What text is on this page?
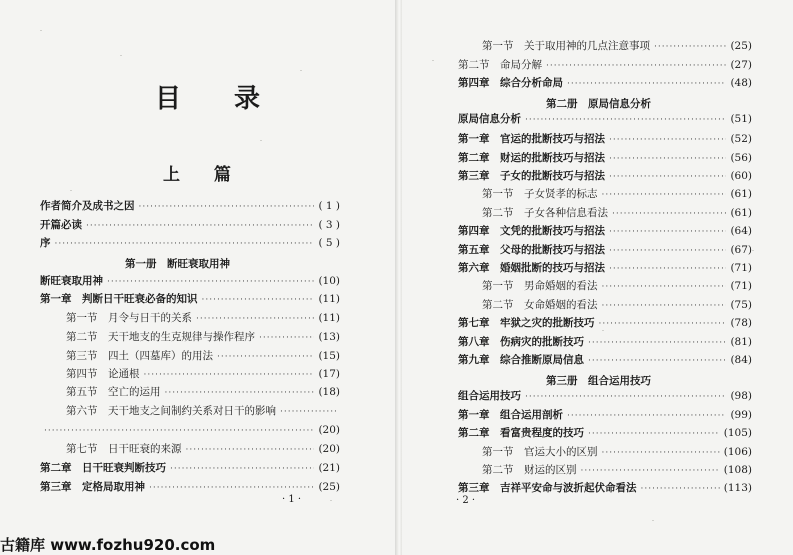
目 录
上 篇
作者简介及成书之因 ·····	( 1 )
开篇必读 ·····	( 3 )
序 ·····	( 5 )
第一册　断旺衰取用神
断旺衰取用神 ·····	(10)
第一章　判断日干旺衰必备的知识 ·····	(11)
第一节　月令与日干的关系 ·····	(11)
第二节　天干地支的生克规律与操作程序 ·····	(13)
第三节　四土（四墓库）的用法 ·····	(15)
第四节　论通根 ·····	(17)
第五节　空亡的运用 ·····	(18)
第六节　天干地支之间制约关系对日干的影响
·····
·····
(20)
第七节　日干旺衰的来源 ·····	(20)
第二章　日干旺衰判断技巧 ·····	(21)
第三章　定格局取用神 ·····	(25)
· 1 ·
第一节　关于取用神的几点注意事项 ·····	(25)
第二节　命局分解 ·····	(27)
第四章　综合分析命局 ·····	(48)
第二册　原局信息分析
原局信息分析 ·····	(51)
第一章　官运的批断技巧与招法 ·····	(52)
第二章　财运的批断技巧与招法 ·····	(56)
第三章　子女的批断技巧与招法 ·····	(60)
第一节　子女贤孝的标志 ·····	(61)
第二节　子女各种信息看法 ·····	(61)
第四章　文凭的批断技巧与招法 ·····	(64)
第五章　父母的批断技巧与招法 ·····	(67)
第六章　婚姻批断的技巧与招法 ·····	(71)
第一节　男命婚姻的看法 ·····	(71)
第二节　女命婚姻的看法 ·····	(75)
第七章　牢狱之灾的批断技巧 ·····	(78)
第八章　伤病灾的批断技巧 ·····	(81)
第九章　综合推断原局信息 ·····	(84)
第三册　组合运用技巧
组合运用技巧 ·····	(98)
第一章　组合运用剖析 ·····	(99)
第二章　看富贵程度的技巧 ·····	(105)
第一节　官运大小的区别 ·····	(106)
第二节　财运的区别 ·····	(108)
第三章　吉祥平安命与波折起伏命看法 ·····	(113)
· 2 ·
古籍库 www.fozhu920.com
